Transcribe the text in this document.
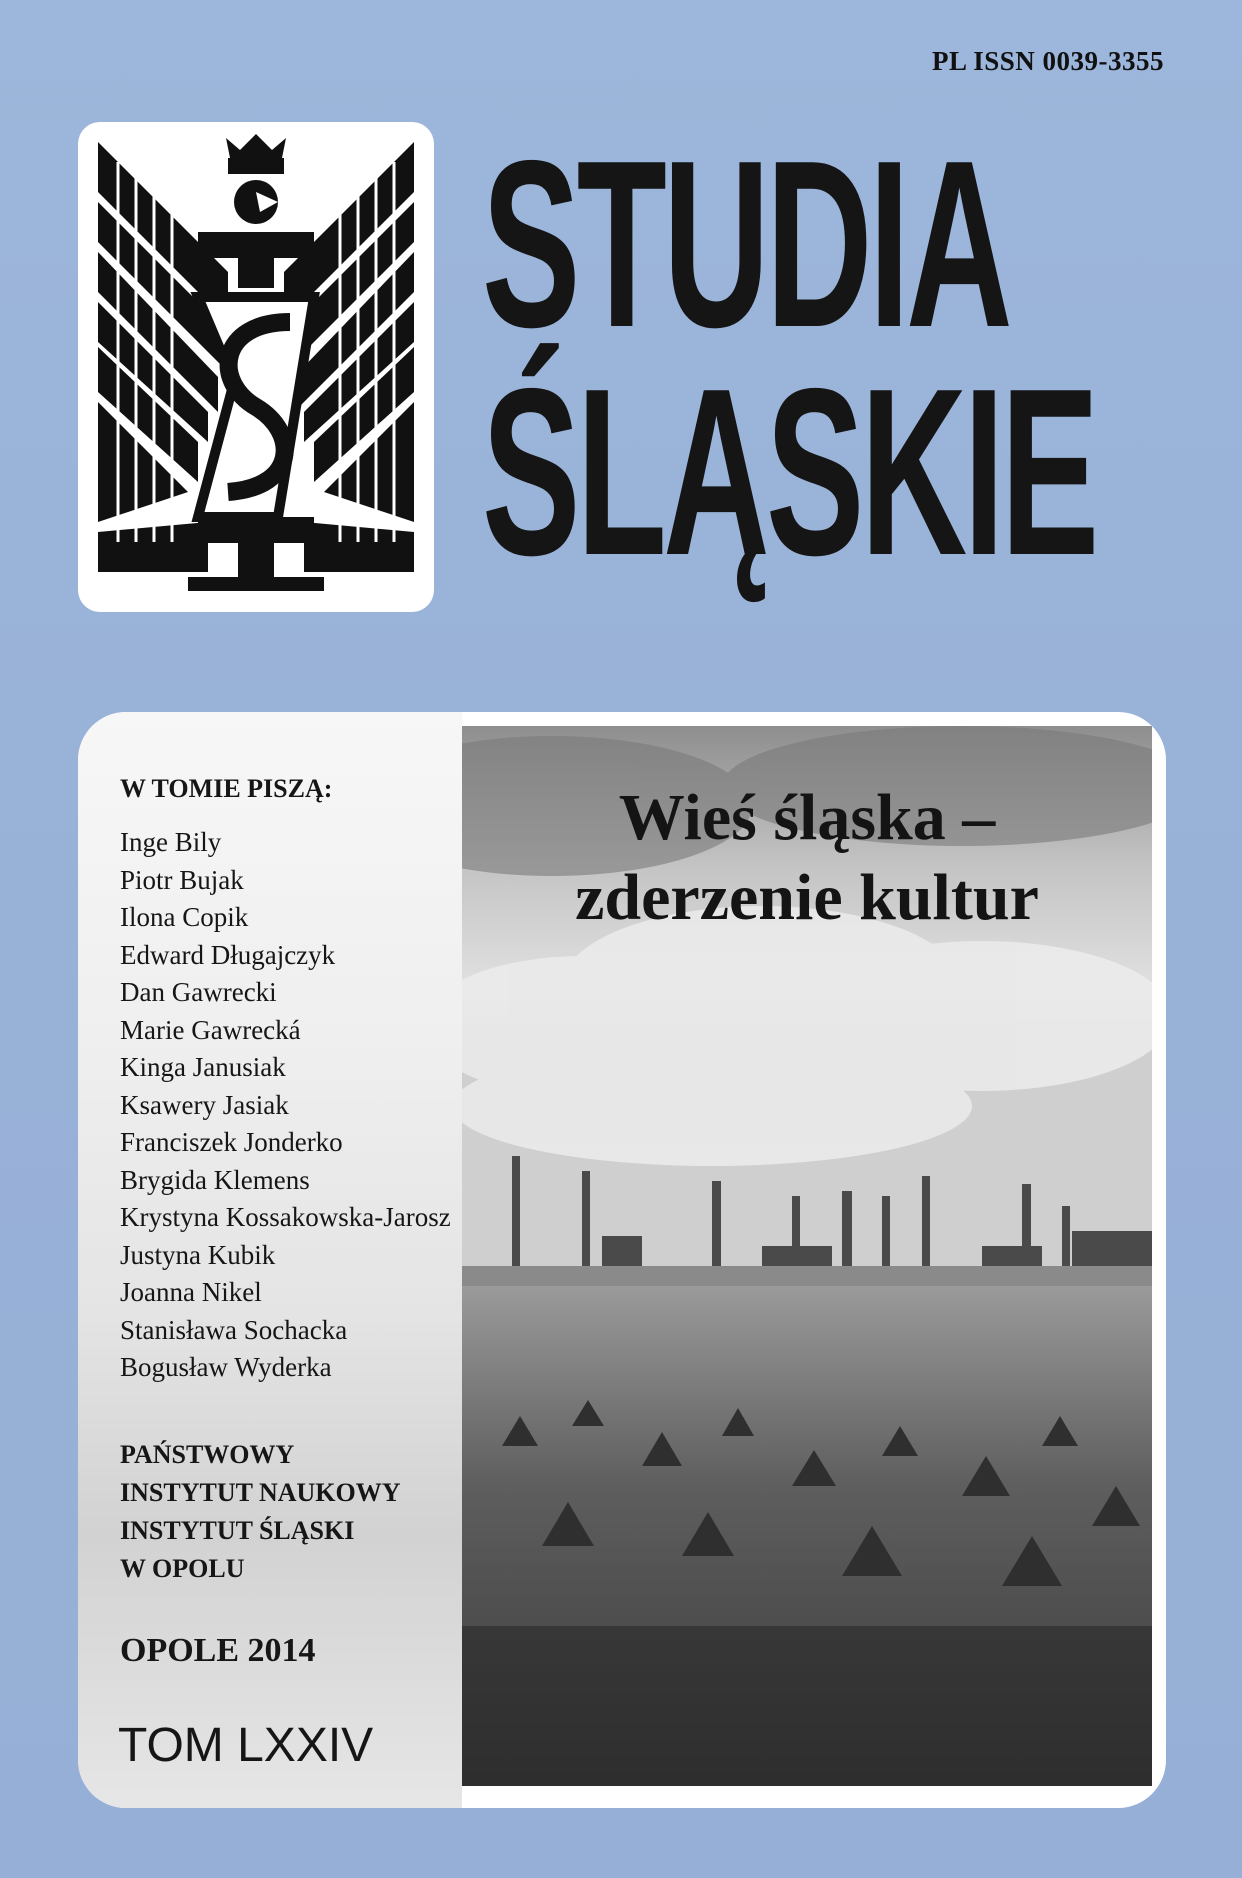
PL ISSN 0039-3355
STUDIA
ŚLĄSKIE
Wieś śląska –
zderzenie kultur
W TOMIE PISZĄ:
Inge Bily
Piotr Bujak
Ilona Copik
Edward Długajczyk
Dan Gawrecki
Marie Gawrecká
Kinga Janusiak
Ksawery Jasiak
Franciszek Jonderko
Brygida Klemens
Krystyna Kossakowska-Jarosz
Justyna Kubik
Joanna Nikel
Stanisława Sochacka
Bogusław Wyderka
PAŃSTWOWY
INSTYTUT NAUKOWY
INSTYTUT ŚLĄSKI
W OPOLU
OPOLE 2014
TOM LXXIV
